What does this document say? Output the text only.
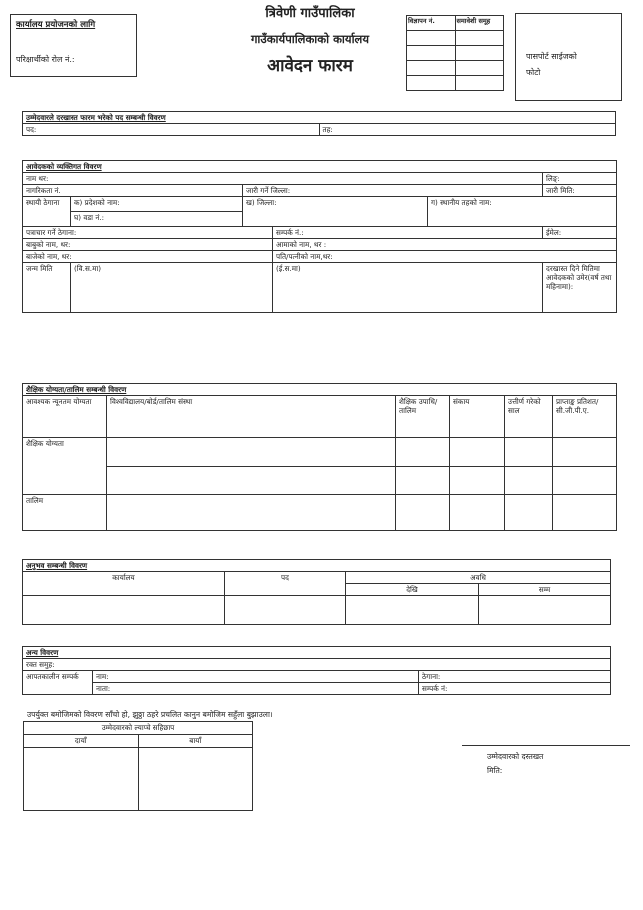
कार्यालय प्रयोजनको लागि
परिक्षार्थीको रोल नं.:
त्रिवेणी गाउँपालिका
गाउँकार्यपालिकाको कार्यालय
आवेदन फारम
विज्ञापन नं.	समावेशी समूह

पासपोर्ट साईजको
फोटो
उम्मेदवारले दरखास्त फारम भरेको पद सम्बन्धी विवरण
पद:	तह:
आवेदकको व्यक्तिगत विवरण					
नाम थर:					लिङ्:
नागरिकता नं.		जारी गर्ने जिल्ला:			जारी मिति:
स्थायी ठेगाना	क) प्रदेशको नाम:	ख) जिल्ला:		ग) स्थानीय तहको नाम:	
	घ) वडा नं.:				
पत्राचार गर्ने ठेगाना:			सम्पर्क नं.:		ईमेल:
बाबुको नाम, थर:			आमाको नाम, थर :		
बाजेको नाम, थर:			पति/पत्नीको नाम,थर:		
जन्म मिति	(वि.स.मा)		(ई.स.मा)		दरखास्त दिने मितिमा आवेदकको उमेर(वर्ष तथा महिनामा):
शैक्षिक योग्यता/तालिम सम्बन्धी विवरण					
आवश्यक न्यूनतम योग्यता	विश्वविद्यालय/बोर्ड/तालिम संस्था	शैक्षिक उपाधि/तालिम	संकाय	उत्तीर्ण गरेको साल	प्राप्ताङ्क प्रतिशत/सी.जी.पी.ए.
शैक्षिक योग्यता					

तालिम					
अनुभव सम्बन्धी विवरण			
कार्यालय	पद	अवधि	
		देखि	सम्म

अन्य विवरण		
रक्त समुह:		
आपतकालीन सम्पर्क	नाम:	ठेगाना:
	नाता:	सम्पर्क नं:
उपर्युक्त बमोजिमको विवरण साँचो हो, झुठ्ठा ठहरे प्रचलित कानुन बमोजिम सहुँला बुझाउला।
उम्मेदवारको ल्याप्चे सहिछाप	
दायाँ	बायाँ

उम्मेदवारको दस्तखत
मिति:
